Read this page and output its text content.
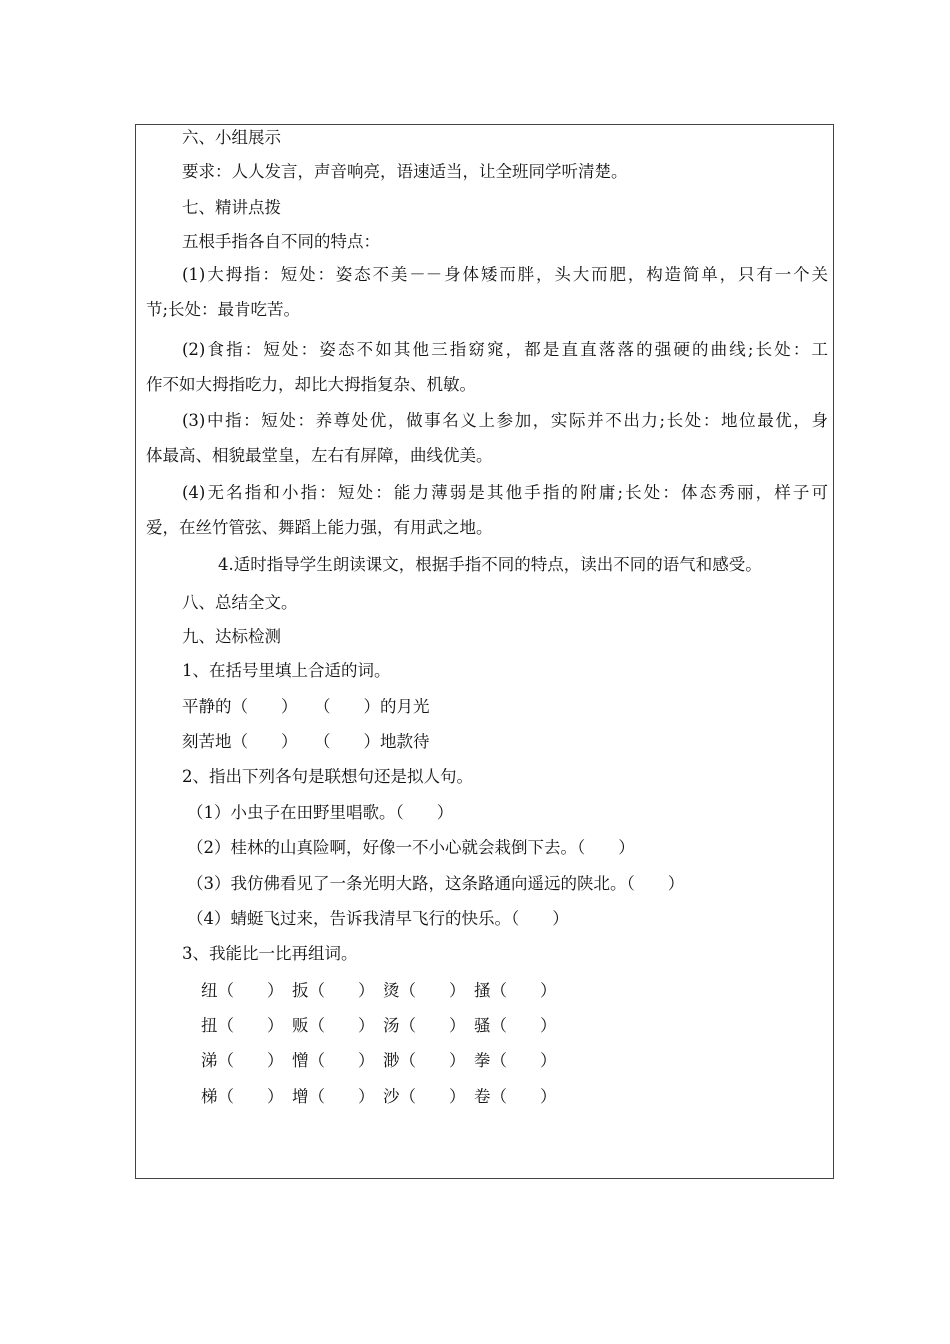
六、小组展示
要求：人人发言，声音响亮，语速适当，让全班同学听清楚。
七、精讲点拨
五根手指各自不同的特点：
(1)大拇指：短处：姿态不美－－身体矮而胖，头大而肥，构造简单，只有一个关
节;长处：最肯吃苦。
(2)食指：短处：姿态不如其他三指窈窕，都是直直落落的强硬的曲线;长处：工
作不如大拇指吃力，却比大拇指复杂、机敏。
(3)中指：短处：养尊处优，做事名义上参加，实际并不出力;长处：地位最优，身
体最高、相貌最堂皇，左右有屏障，曲线优美。
(4)无名指和小指：短处：能力薄弱是其他手指的附庸;长处：体态秀丽，样子可
爱，在丝竹管弦、舞蹈上能力强，有用武之地。
4.适时指导学生朗读课文，根据手指不同的特点，读出不同的语气和感受。
八、总结全文。
九、达标检测
1、在括号里填上合适的词。
平静的（　　）　　（　　）的月光
刻苦地（　　）　　（　　）地款待
2、指出下列各句是联想句还是拟人句。
（1）小虫子在田野里唱歌。（　　）
（2）桂林的山真险啊，好像一不小心就会栽倒下去。（　　）
（3）我仿佛看见了一条光明大路，这条路通向遥远的陕北。（　　）
（4）蜻蜓飞过来，告诉我清早飞行的快乐。（　　）
3、我能比一比再组词。
纽（　　） 扳（　　） 烫（　　） 搔（　　）
扭（　　） 贩（　　） 汤（　　） 骚（　　）
涕（　　） 憎（　　） 渺（　　） 拳（　　）
梯（　　） 增（　　） 沙（　　） 卷（　　）
